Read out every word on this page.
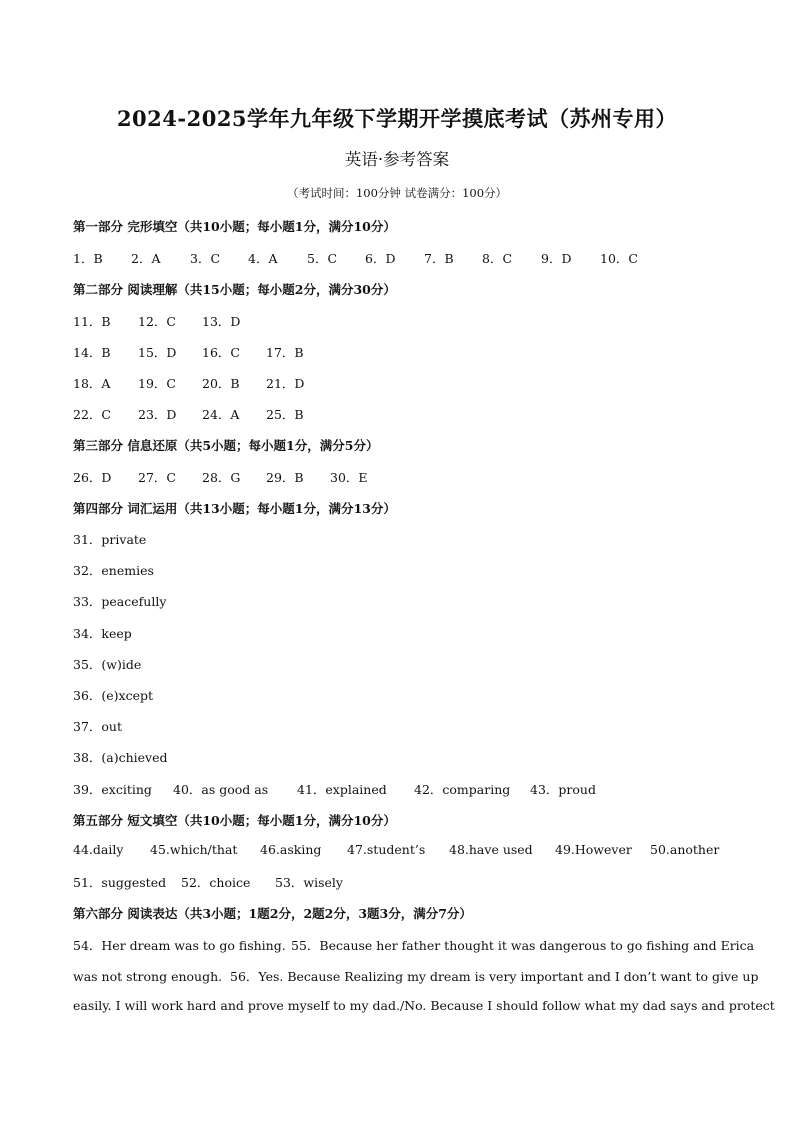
2024-2025学年九年级下学期开学摸底考试（苏州专用）
英语·参考答案
（考试时间：100分钟 试卷满分：100分）
第一部分 完形填空（共10小题；每小题1分，满分10分）
1．B	2．A	3．C	4．A	5．C	6．D	7．B	8．C	9．D	10．C
第二部分 阅读理解（共15小题；每小题2分，满分30分）
11．B	12．C	13．D
14．B	15．D	16．C	17．B
18．A	19．C	20．B	21．D
22．C	23．D	24．A	25．B
第三部分 信息还原（共5小题；每小题1分，满分5分）
26．D	27．C	28．G	29．B	30．E
第四部分 词汇运用（共13小题；每小题1分，满分13分）
31．private
32．enemies
33．peacefully
34．keep
35．(w)ide
36．(e)xcept
37．out
38．(a)chieved
39．exciting	40．as good as	41．explained	42．comparing	43．proud
第五部分 短文填空（共10小题；每小题1分，满分10分）
44.daily	45.which/that	46.asking	47.student’s	48.have used	49.However	50.another
51．suggested	52．choice	53．wisely
第六部分 阅读表达（共3小题；1题2分，2题2分，3题3分，满分7分）
54．Her dream was to go fishing. 55．Because her father thought it was dangerous to go fishing and Erica
was not strong enough. 56．Yes. Because Realizing my dream is very important and I don’t want to give up
easily. I will work hard and prove myself to my dad./No. Because I should follow what my dad says and protect
